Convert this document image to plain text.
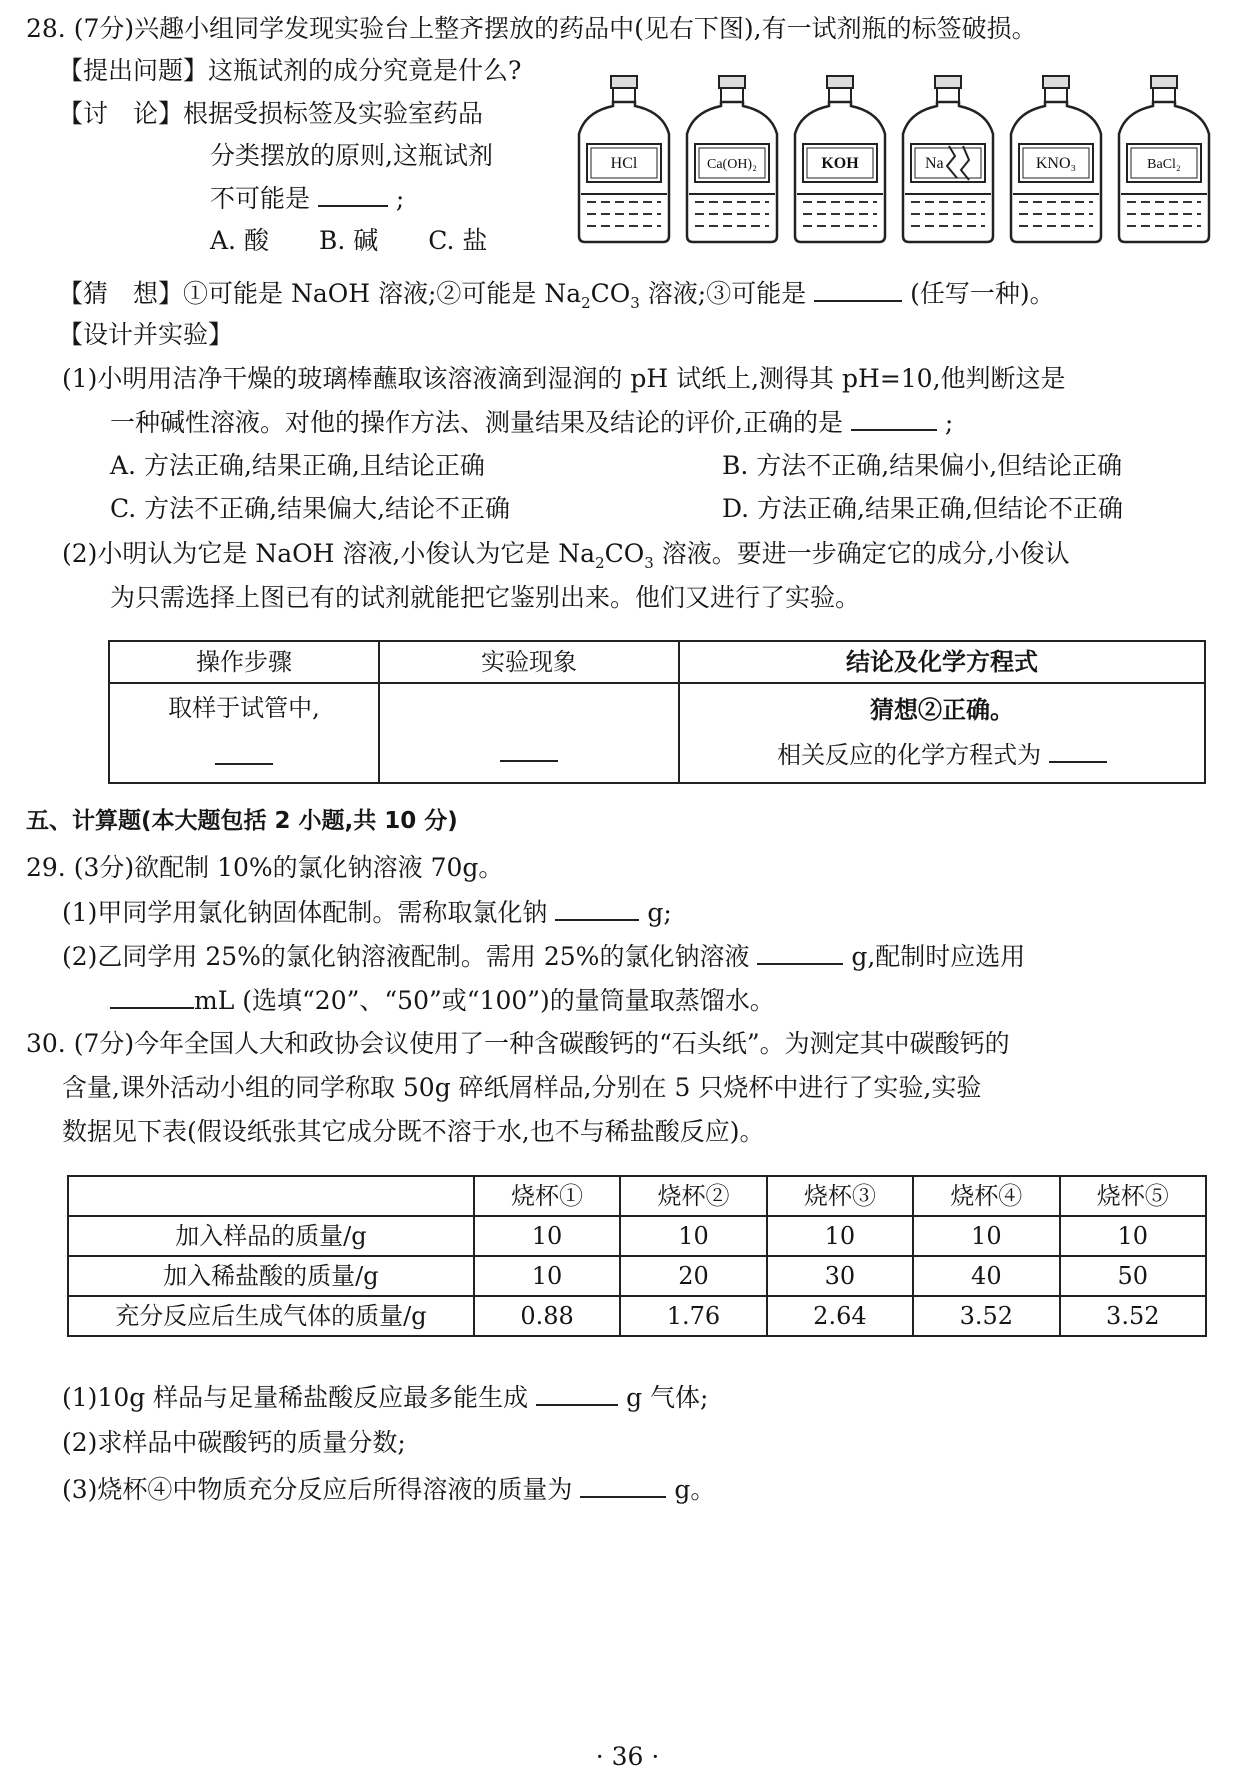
28. (7分)兴趣小组同学发现实验台上整齐摆放的药品中(见右下图),有一试剂瓶的标签破损。
【提出问题】这瓶试剂的成分究竟是什么?
【讨　论】根据受损标签及实验室药品
分类摆放的原则,这瓶试剂
不可能是	;
A. 酸　　B. 碱　　C. 盐
HCl	Ca(OH)₂	KOH	Na	KNO₃	BaCl₂
【猜　想】①可能是 NaOH 溶液;②可能是 $Na_2CO_3$ 溶液;③可能是	(任写一种)。
【设计并实验】
(1)小明用洁净干燥的玻璃棒蘸取该溶液滴到湿润的 pH 试纸上,测得其 pH=10,他判断这是
一种碱性溶液。对他的操作方法、测量结果及结论的评价,正确的是	;
A. 方法正确,结果正确,且结论正确	B. 方法不正确,结果偏小,但结论正确
C. 方法不正确,结果偏大,结论不正确	D. 方法正确,结果正确,但结论不正确
(2)小明认为它是 NaOH 溶液,小俊认为它是 $Na_2CO_3$ 溶液。要进一步确定它的成分,小俊认
为只需选择上图已有的试剂就能把它鉴别出来。他们又进行了实验。
操作步骤	实验现象	结论及化学方程式

取样于试管中,		猜想②正确。
相关反应的化学方程式为
五、计算题(本大题包括 2 小题,共 10 分)
29. (3分)欲配制 10%的氯化钠溶液 70g。
(1)甲同学用氯化钠固体配制。需称取氯化钠	g;
(2)乙同学用 25%的氯化钠溶液配制。需用 25%的氯化钠溶液	g,配制时应选用
mL (选填“20”、“50”或“100”)的量筒量取蒸馏水。
30. (7分)今年全国人大和政协会议使用了一种含碳酸钙的“石头纸”。为测定其中碳酸钙的
含量,课外活动小组的同学称取 50g 碎纸屑样品,分别在 5 只烧杯中进行了实验,实验
数据见下表(假设纸张其它成分既不溶于水,也不与稀盐酸反应)。
	烧杯①	烧杯②	烧杯③	烧杯④	烧杯⑤
加入样品的质量/g	10	10	10	10	10
加入稀盐酸的质量/g	10	20	30	40	50
充分反应后生成气体的质量/g	0.88	1.76	2.64	3.52	3.52
(1)10g 样品与足量稀盐酸反应最多能生成	g 气体;
(2)求样品中碳酸钙的质量分数;
(3)烧杯④中物质充分反应后所得溶液的质量为	g。
· 36 ·
